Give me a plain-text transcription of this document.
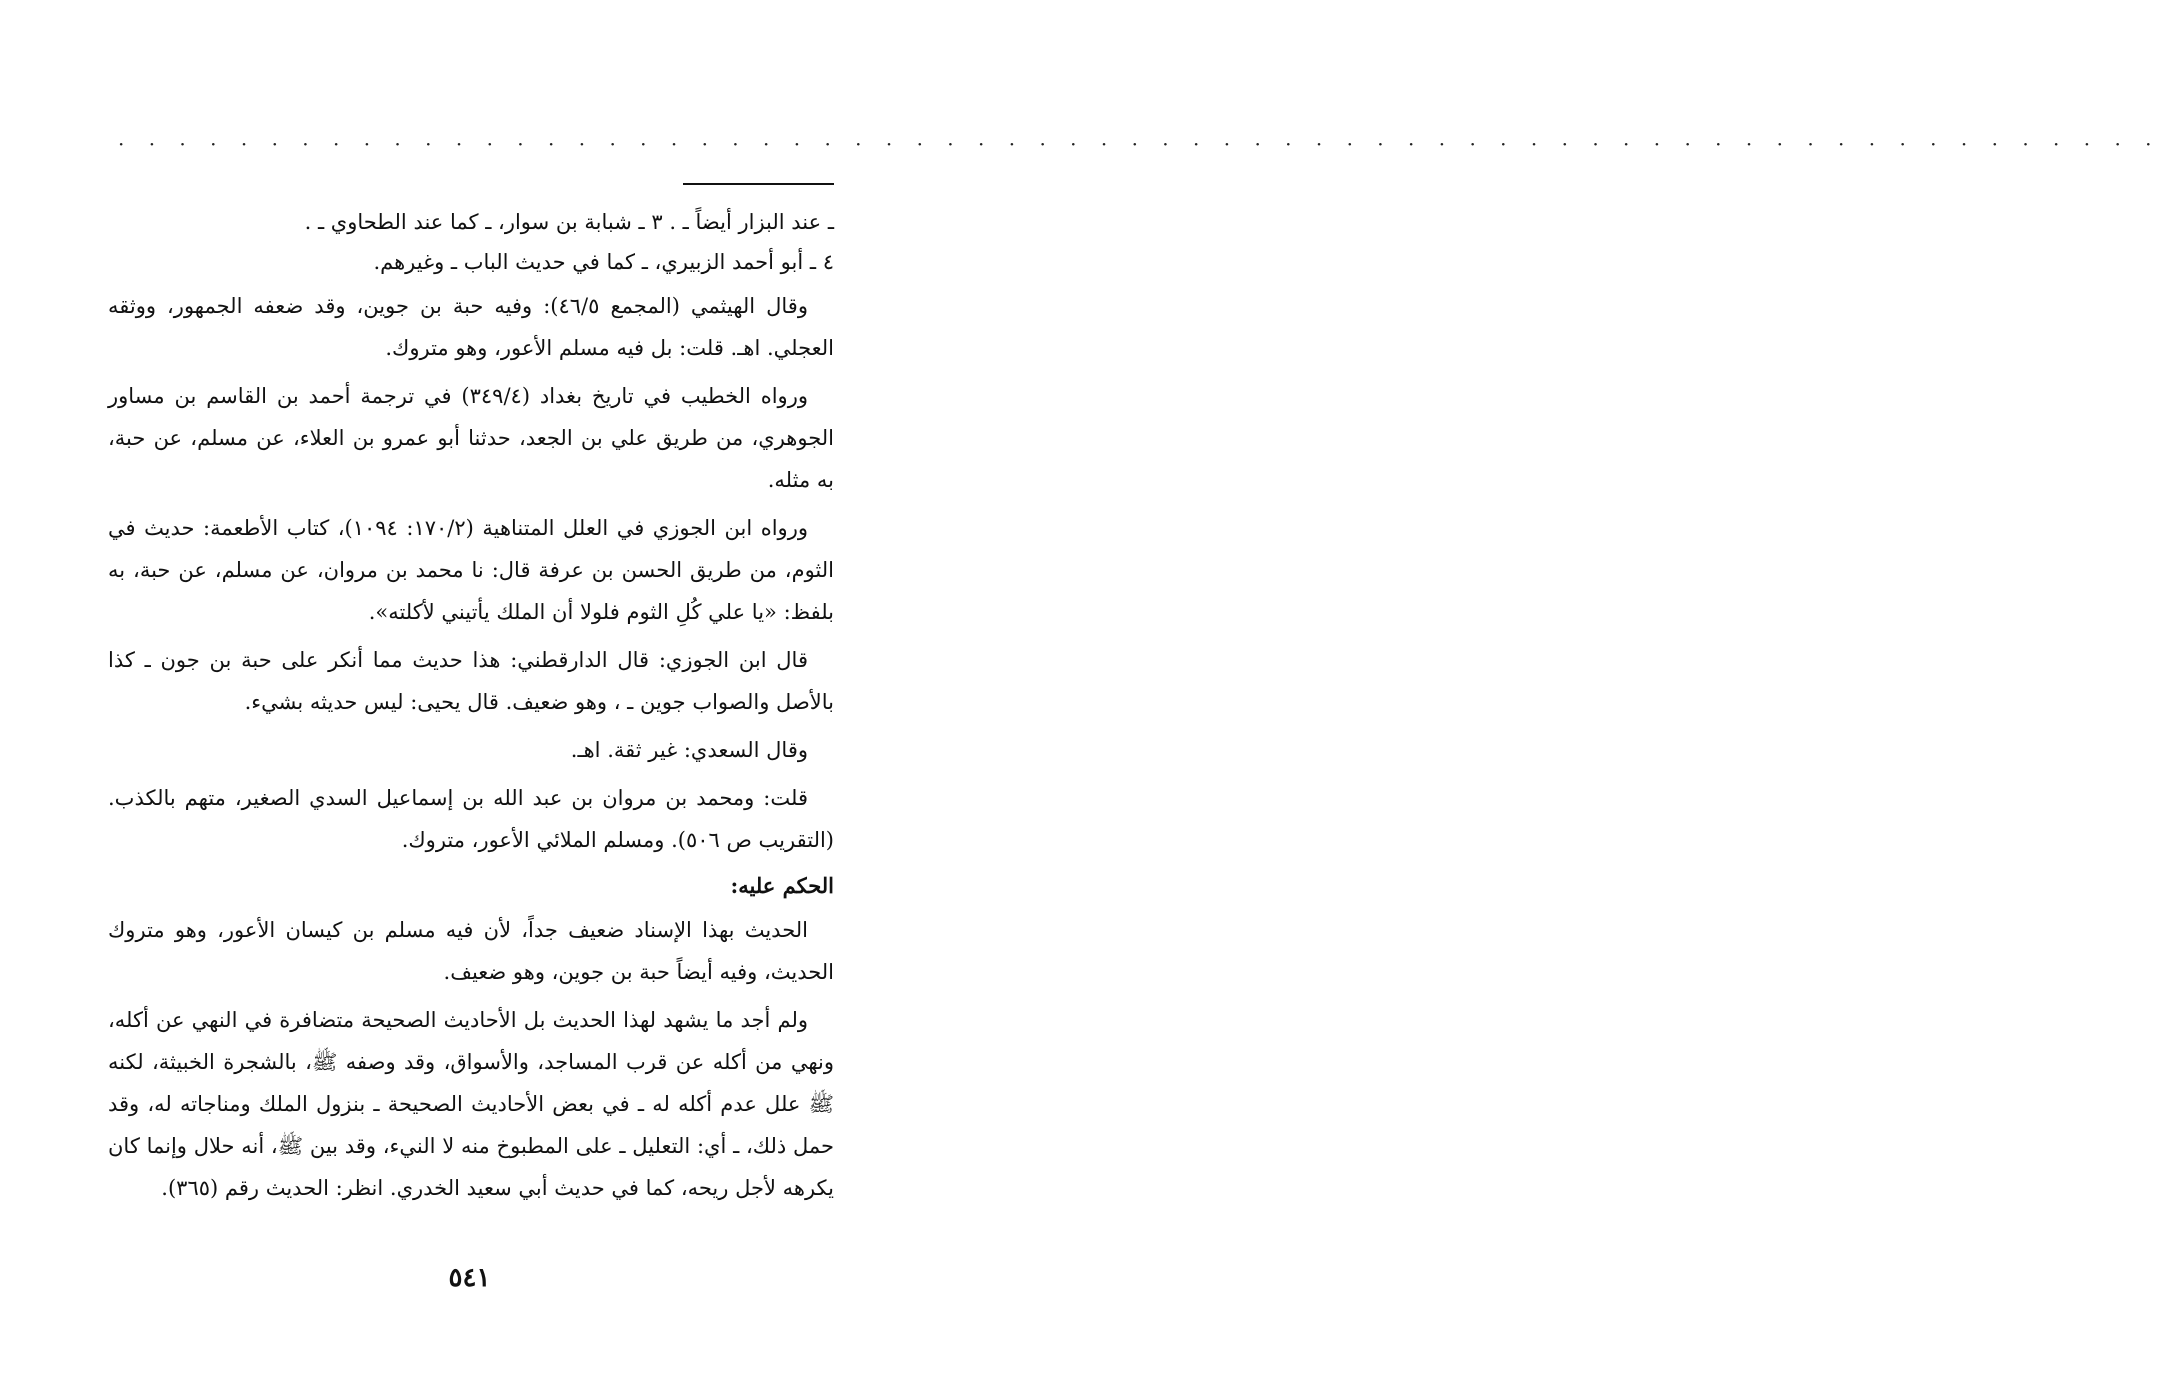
· · · · · · · · · · · · · · · · · · · · · · · · · · · · · · · · · · · · · · · · · · · · · · · · · · · · · · · · · · · · · · · · · · ·

ـ عند البزار أيضاً ـ . ٣ ـ شبابة بن سوار، ـ كما عند الطحاوي ـ .

٤ ـ أبو أحمد الزبيري، ـ كما في حديث الباب ـ وغيرهم.

وقال الهيثمي (المجمع ٤٦/٥): وفيه حبة بن جوين، وقد ضعفه الجمهور، ووثقه العجلي. اهـ. قلت: بل فيه مسلم الأعور، وهو متروك.

ورواه الخطيب في تاريخ بغداد (٣٤٩/٤) في ترجمة أحمد بن القاسم بن مساور الجوهري، من طريق علي بن الجعد، حدثنا أبو عمرو بن العلاء، عن مسلم، عن حبة، به مثله.

ورواه ابن الجوزي في العلل المتناهية (١٧٠/٢: ١٠٩٤)، كتاب الأطعمة: حديث في الثوم، من طريق الحسن بن عرفة قال: نا محمد بن مروان، عن مسلم، عن حبة، به بلفظ: «يا علي كُلِ الثوم فلولا أن الملك يأتيني لأكلته».

قال ابن الجوزي: قال الدارقطني: هذا حديث مما أنكر على حبة بن جون ـ كذا بالأصل والصواب جوين ـ ، وهو ضعيف. قال يحيى: ليس حديثه بشيء.

وقال السعدي: غير ثقة. اهـ.

قلت: ومحمد بن مروان بن عبد الله بن إسماعيل السدي الصغير، متهم بالكذب. (التقريب ص ٥٠٦). ومسلم الملائي الأعور، متروك.

الحكم عليه:

الحديث بهذا الإسناد ضعيف جداً، لأن فيه مسلم بن كيسان الأعور، وهو متروك الحديث، وفيه أيضاً حبة بن جوين، وهو ضعيف.

ولم أجد ما يشهد لهذا الحديث بل الأحاديث الصحيحة متضافرة في النهي عن أكله، ونهي من أكله عن قرب المساجد، والأسواق، وقد وصفه ﷺ، بالشجرة الخبيثة، لكنه ﷺ علل عدم أكله له ـ في بعض الأحاديث الصحيحة ـ بنزول الملك ومناجاته له، وقد حمل ذلك، ـ أي: التعليل ـ على المطبوخ منه لا النيء، وقد بين ﷺ، أنه حلال وإنما كان يكرهه لأجل ريحه، كما في حديث أبي سعيد الخدري. انظر: الحديث رقم (٣٦٥).

٥٤١
